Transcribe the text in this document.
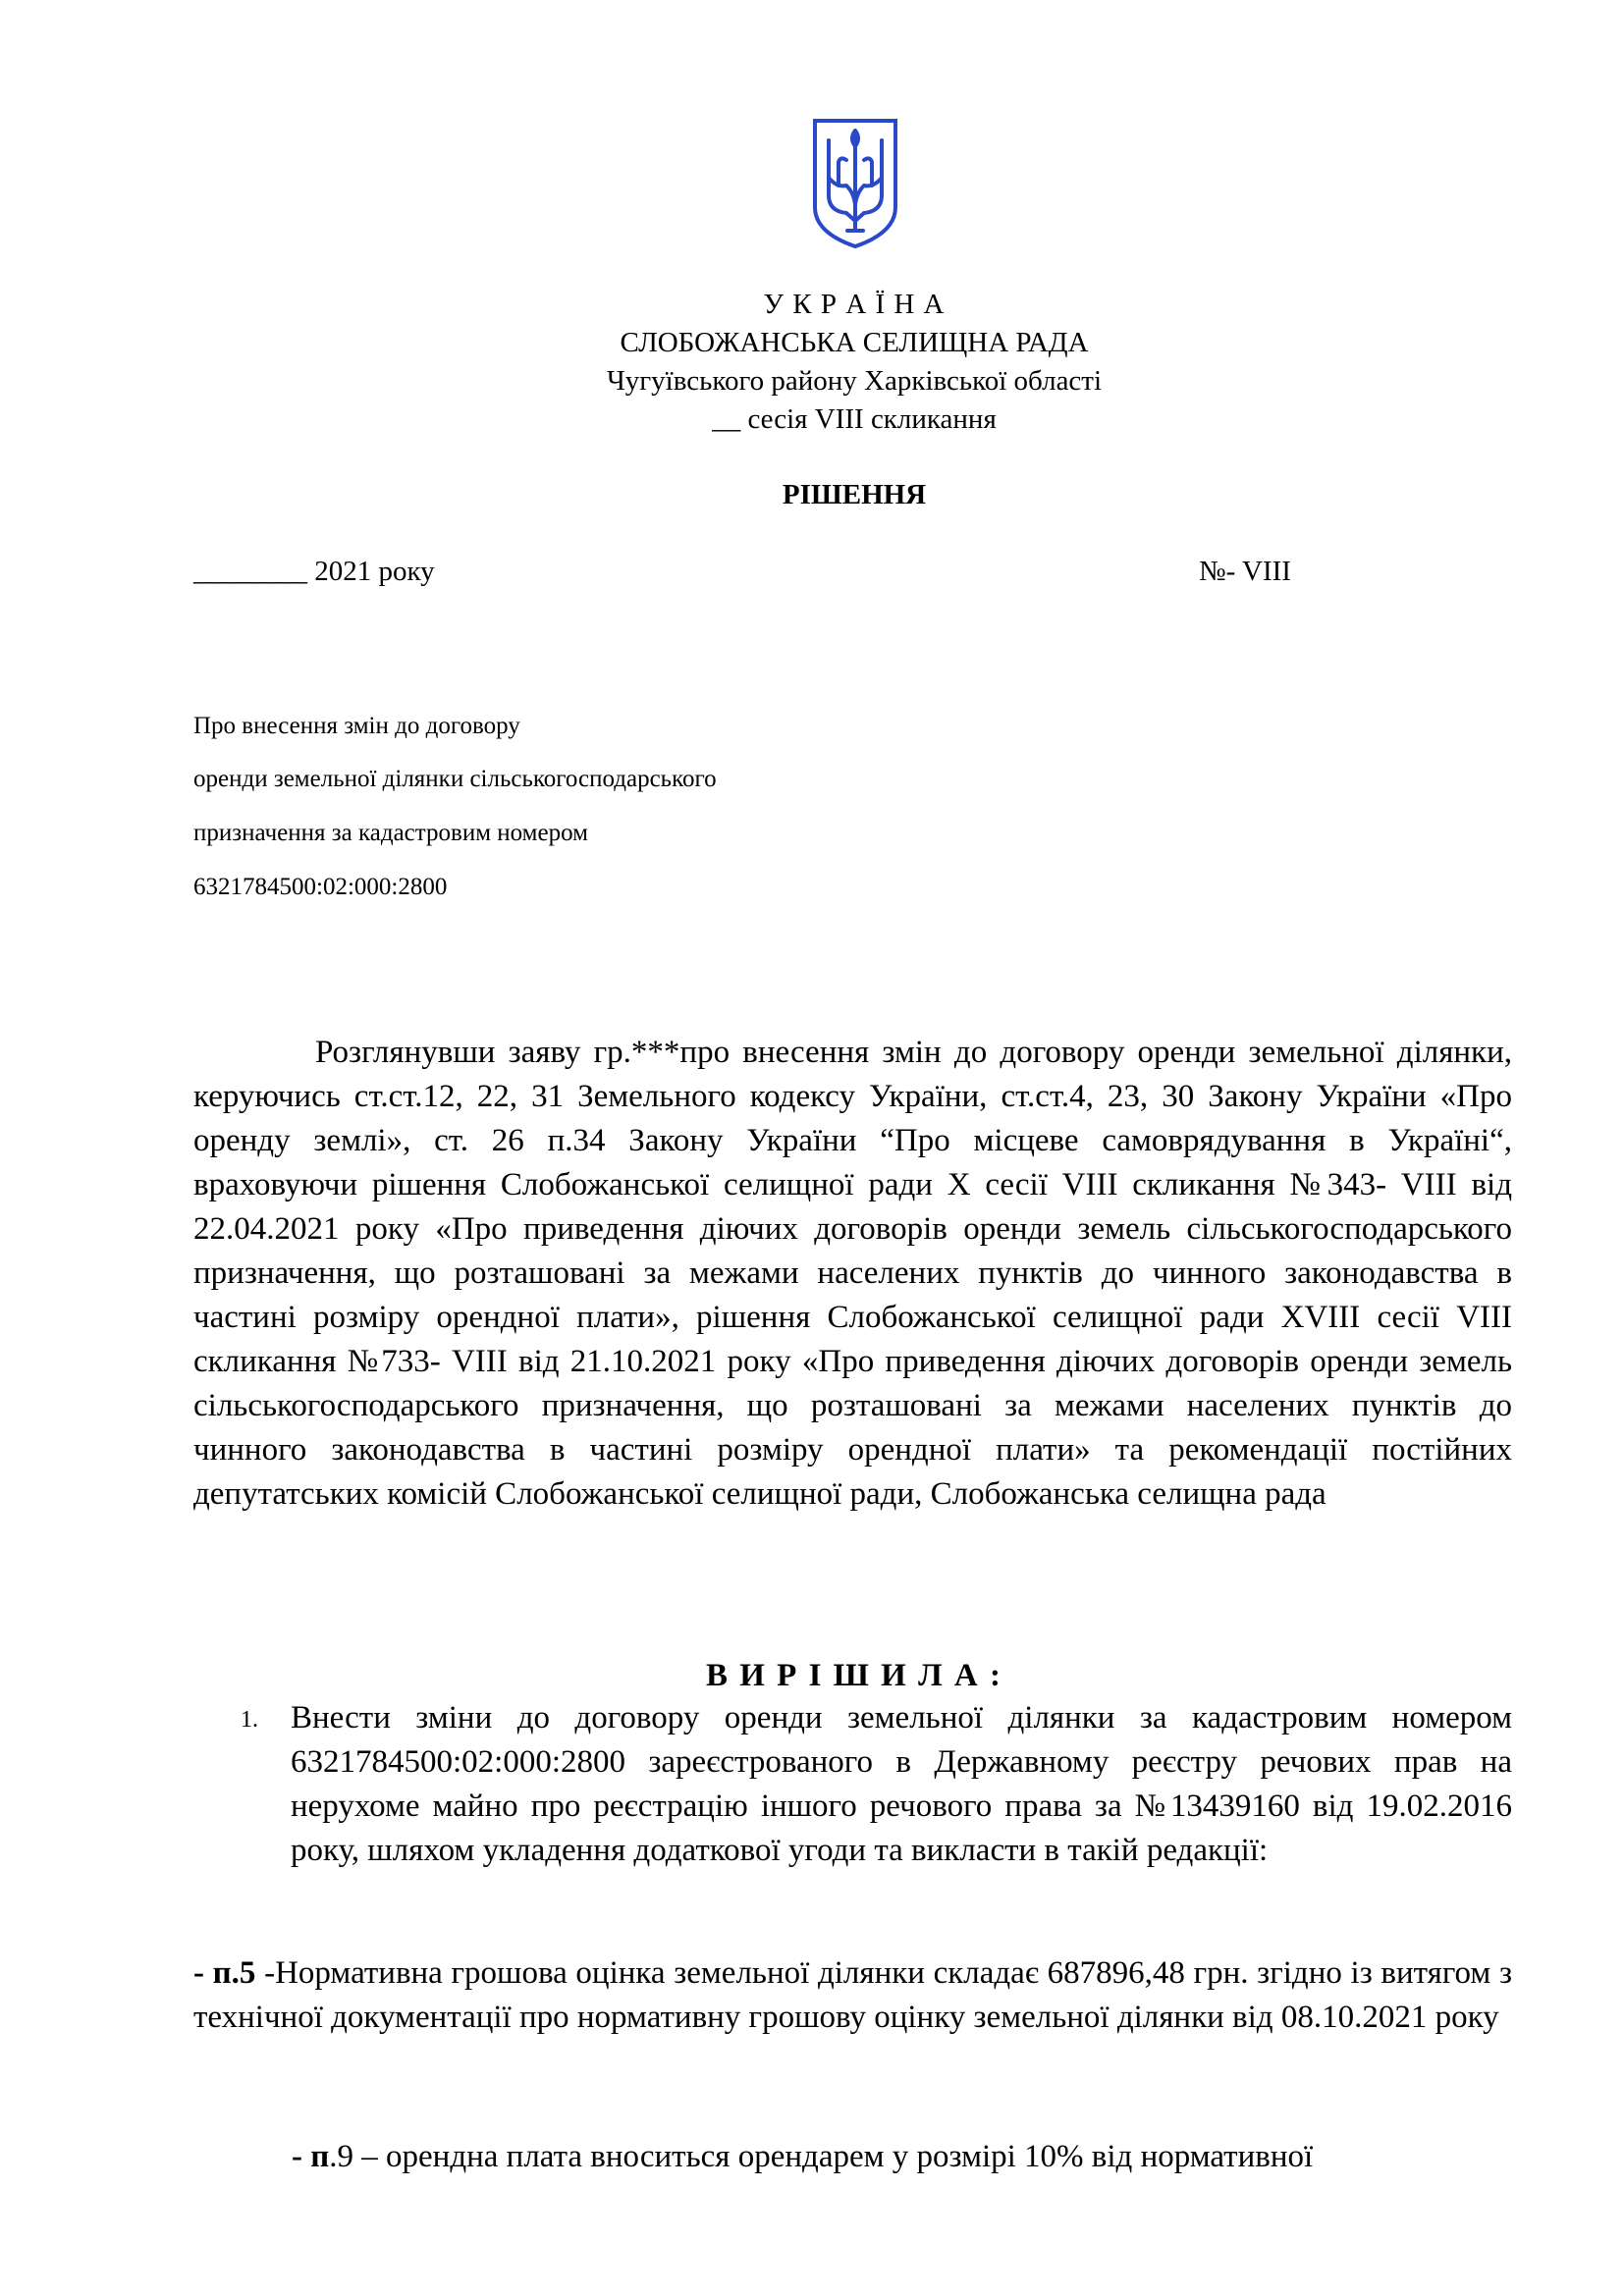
У К Р А Ї Н А
СЛОБОЖАНСЬКА СЕЛИЩНА РАДА
Чугуївського району Харківської області
__ сесія VIII скликання
РІШЕННЯ
________ 2021 року	№- VIII
Про внесення змін до договору
оренди земельної ділянки сільськогосподарського
призначення за кадастровим номером
6321784500:02:000:2800
Розглянувши заяву гр.***про внесення змін до договору оренди земельної ділянки, керуючись ст.ст.12, 22, 31 Земельного кодексу України, ст.ст.4, 23, 30 Закону України «Про оренду землі», ст. 26 п.34 Закону України “Про місцеве самоврядування в Україні“, враховуючи рішення Слобожанської селищної ради Х сесії VIII скликання №343- VIII від 22.04.2021 року «Про приведення діючих договорів оренди земель сільськогосподарського призначення, що розташовані за межами населених пунктів до чинного законодавства в частині розміру орендної плати», рішення Слобожанської селищної ради XVIII сесії VIII скликання №733- VIII від 21.10.2021 року «Про приведення діючих договорів оренди земель сільськогосподарського призначення, що розташовані за межами населених пунктів до чинного законодавства в частині розміру орендної плати» та рекомендації постійних депутатських комісій Слобожанської селищної ради, Слобожанська селищна рада
В И Р І Ш И Л А :
1. Внести зміни до договору оренди земельної ділянки за кадастровим номером 6321784500:02:000:2800 зареєстрованого в Державному реєстру речових прав на нерухоме майно про реєстрацію іншого речового права за №13439160 від 19.02.2016 року, шляхом укладення додаткової угоди та викласти в такій редакції:
- п.5 -Нормативна грошова оцінка земельної ділянки складає 687896,48 грн. згідно із витягом з технічної документації про нормативну грошову оцінку земельної ділянки від 08.10.2021 року
- п.9 – орендна плата вноситься орендарем у розмірі 10% від нормативної
